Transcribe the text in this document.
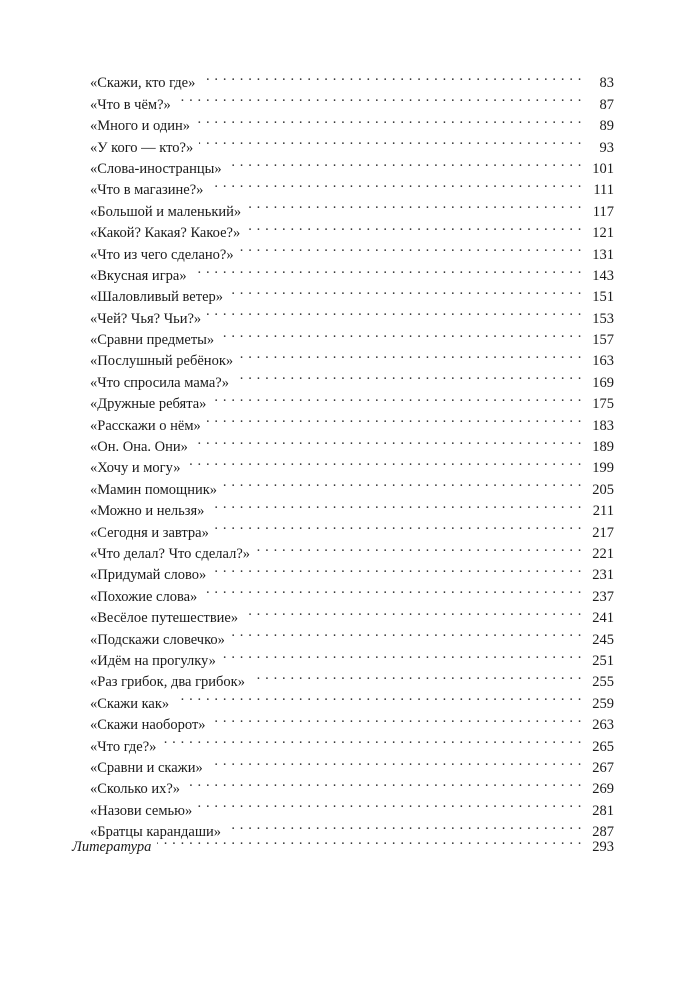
«Скажи, кто где» . . .	83
«Что в чём?» . . .	87
«Много и один» . . .	89
«У кого — кто?» . . .	93
«Слова-иностранцы» . . .	101
«Что в магазине?» . . .	111
«Большой и маленький» . . .	117
«Какой? Какая? Какое?» . . .	121
«Что из чего сделано?» . . .	131
«Вкусная игра» . . .	143
«Шаловливый ветер» . . .	151
«Чей? Чья? Чьи?» . . .	153
«Сравни предметы» . . .	157
«Послушный ребёнок» . . .	163
«Что спросила мама?» . . .	169
«Дружные ребята» . . .	175
«Расскажи о нём» . . .	183
«Он. Она. Они» . . .	189
«Хочу и могу» . . .	199
«Мамин помощник» . . .	205
«Можно и нельзя» . . .	211
«Сегодня и завтра» . . .	217
«Что делал? Что сделал?» . . .	221
«Придумай слово» . . .	231
«Похожие слова» . . .	237
«Весёлое путешествие» . . .	241
«Подскажи словечко» . . .	245
«Идём на прогулку» . . .	251
«Раз грибок, два грибок» . . .	255
«Скажи как» . . .	259
«Скажи наоборот» . . .	263
«Что где?» . . .	265
«Сравни и скажи» . . .	267
«Сколько их?» . . .	269
«Назови семью» . . .	281
«Братцы карандаши» . . .	287
Литература . . .	293
